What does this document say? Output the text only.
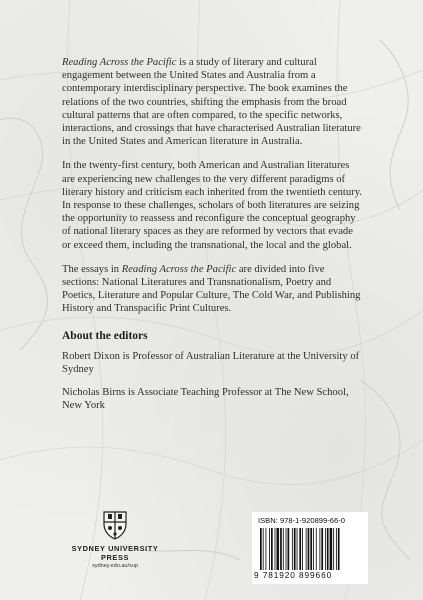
Reading Across the Pacific is a study of literary and cultural engagement between the United States and Australia from a contemporary interdisciplinary perspective. The book examines the relations of the two countries, shifting the emphasis from the broad cultural patterns that are often compared, to the specific networks, interactions, and crossings that have characterised Australian literature in the United States and American literature in Australia.

In the twenty-first century, both American and Australian literatures are experiencing new challenges to the very different paradigms of literary history and criticism each inherited from the twentieth century. In response to these challenges, scholars of both literatures are seizing the opportunity to reassess and reconfigure the conceptual geography of national literary spaces as they are reformed by vectors that evade or exceed them, including the transnational, the local and the global.

The essays in Reading Across the Pacific are divided into five sections: National Literatures and Transnationalism, Poetry and Poetics, Literature and Popular Culture, The Cold War, and Publishing History and Transpacific Print Cultures.

About the editors

Robert Dixon is Professor of Australian Literature at the University of Sydney

Nicholas Birns is Associate Teaching Professor at The New School, New York

SYDNEY UNIVERSITY PRESS
sydney.edu.au/sup
ISBN: 978-1-920899-66-0
9 781920 899660
